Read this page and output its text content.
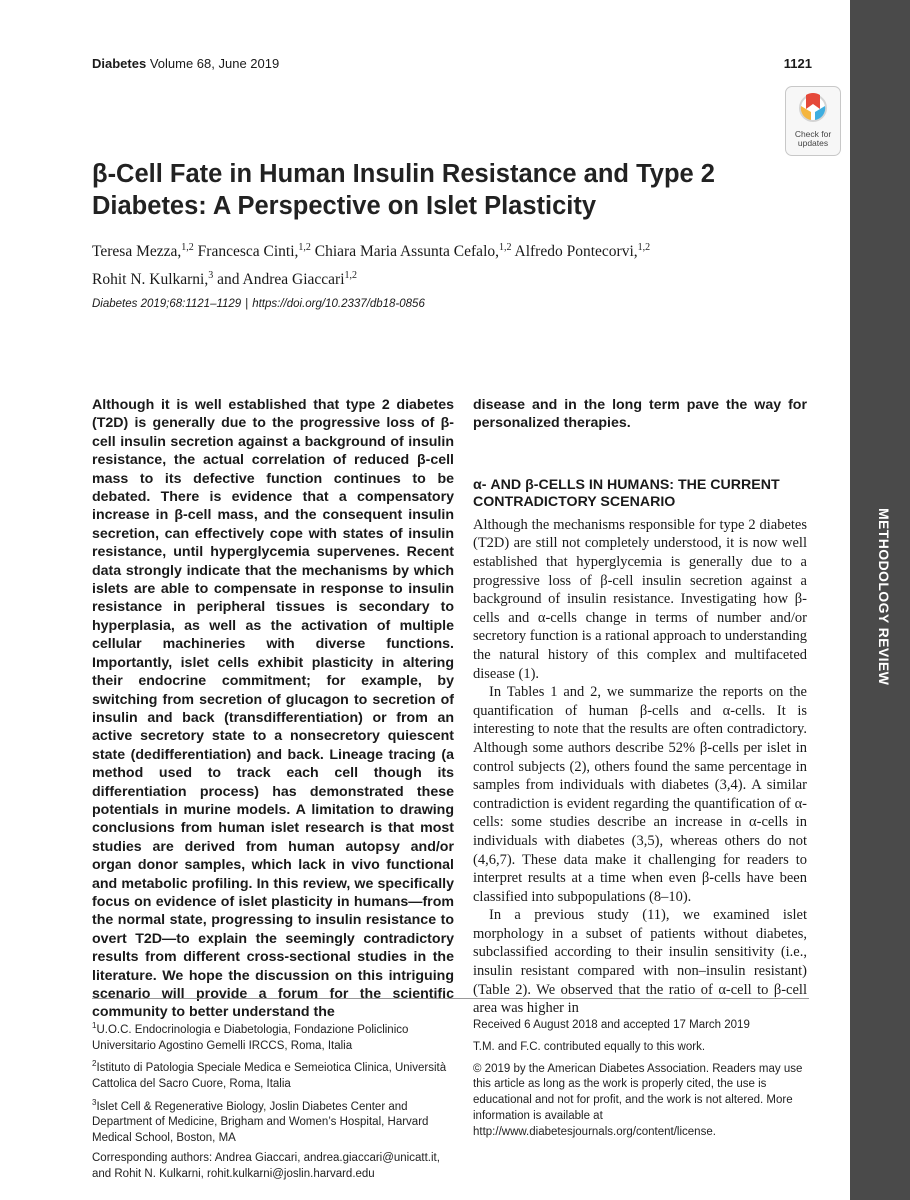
METHODOLOGY REVIEW
Diabetes Volume 68, June 2019	1121
Check for
updates
β-Cell Fate in Human Insulin Resistance and Type 2 Diabetes: A Perspective on Islet Plasticity
Teresa Mezza,$^{1,2}$ Francesca Cinti,$^{1,2}$ Chiara Maria Assunta Cefalo,$^{1,2}$ Alfredo Pontecorvi,$^{1,2}$
Rohit N. Kulkarni,$^3$ and Andrea Giaccari$^{1,2}$
Diabetes 2019;68:1121–1129 | https://doi.org/10.2337/db18-0856
Although it is well established that type 2 diabetes (T2D) is generally due to the progressive loss of β-cell insulin secretion against a background of insulin resistance, the actual correlation of reduced β-cell mass to its defective function continues to be debated. There is evidence that a compensatory increase in β-cell mass, and the consequent insulin secretion, can effectively cope with states of insulin resistance, until hyperglycemia supervenes. Recent data strongly indicate that the mechanisms by which islets are able to compensate in response to insulin resistance in peripheral tissues is secondary to hyperplasia, as well as the activation of multiple cellular machineries with diverse functions. Importantly, islet cells exhibit plasticity in altering their endocrine commitment; for example, by switching from secretion of glucagon to secretion of insulin and back (transdifferentiation) or from an active secretory state to a nonsecretory quiescent state (dedifferentiation) and back. Lineage tracing (a method used to track each cell though its differentiation process) has demonstrated these potentials in murine models. A limitation to drawing conclusions from human islet research is that most studies are derived from human autopsy and/or organ donor samples, which lack in vivo functional and metabolic profiling. In this review, we specifically focus on evidence of islet plasticity in humans—from the normal state, progressing to insulin resistance to overt T2D—to explain the seemingly contradictory results from different cross-sectional studies in the literature. We hope the discussion on this intriguing scenario will provide a forum for the scientific community to better understand the

disease and in the long term pave the way for personalized therapies.

α- AND β-CELLS IN HUMANS: THE CURRENT CONTRADICTORY SCENARIO

Although the mechanisms responsible for type 2 diabetes (T2D) are still not completely understood, it is now well established that hyperglycemia is generally due to a progressive loss of β-cell insulin secretion against a background of insulin resistance. Investigating how β-cells and α-cells change in terms of number and/or secretory function is a rational approach to understanding the natural history of this complex and multifaceted disease (1).

In Tables 1 and 2, we summarize the reports on the quantification of human β-cells and α-cells. It is interesting to note that the results are often contradictory. Although some authors describe 52% β-cells per islet in control subjects (2), others found the same percentage in samples from individuals with diabetes (3,4). A similar contradiction is evident regarding the quantification of α-cells: some studies describe an increase in α-cells in individuals with diabetes (3,5), whereas others do not (4,6,7). These data make it challenging for readers to interpret results at a time when even β-cells have been classified into subpopulations (8–10).

In a previous study (11), we examined islet morphology in a subset of patients without diabetes, subclassified according to their insulin sensitivity (i.e., insulin resistant compared with non–insulin resistant) (Table 2). We observed that the ratio of α-cell to β-cell area was higher in

$^1$U.O.C. Endocrinologia e Diabetologia, Fondazione Policlinico Universitario Agostino Gemelli IRCCS, Roma, Italia

$^2$Istituto di Patologia Speciale Medica e Semeiotica Clinica, Università Cattolica del Sacro Cuore, Roma, Italia

$^3$Islet Cell & Regenerative Biology, Joslin Diabetes Center and Department of Medicine, Brigham and Women’s Hospital, Harvard Medical School, Boston, MA

Corresponding authors: Andrea Giaccari, andrea.giaccari@unicatt.it, and Rohit N. Kulkarni, rohit.kulkarni@joslin.harvard.edu

Received 6 August 2018 and accepted 17 March 2019

T.M. and F.C. contributed equally to this work.

© 2019 by the American Diabetes Association. Readers may use this article as long as the work is properly cited, the use is educational and not for profit, and the work is not altered. More information is available at http://www.diabetesjournals.org/content/license.
